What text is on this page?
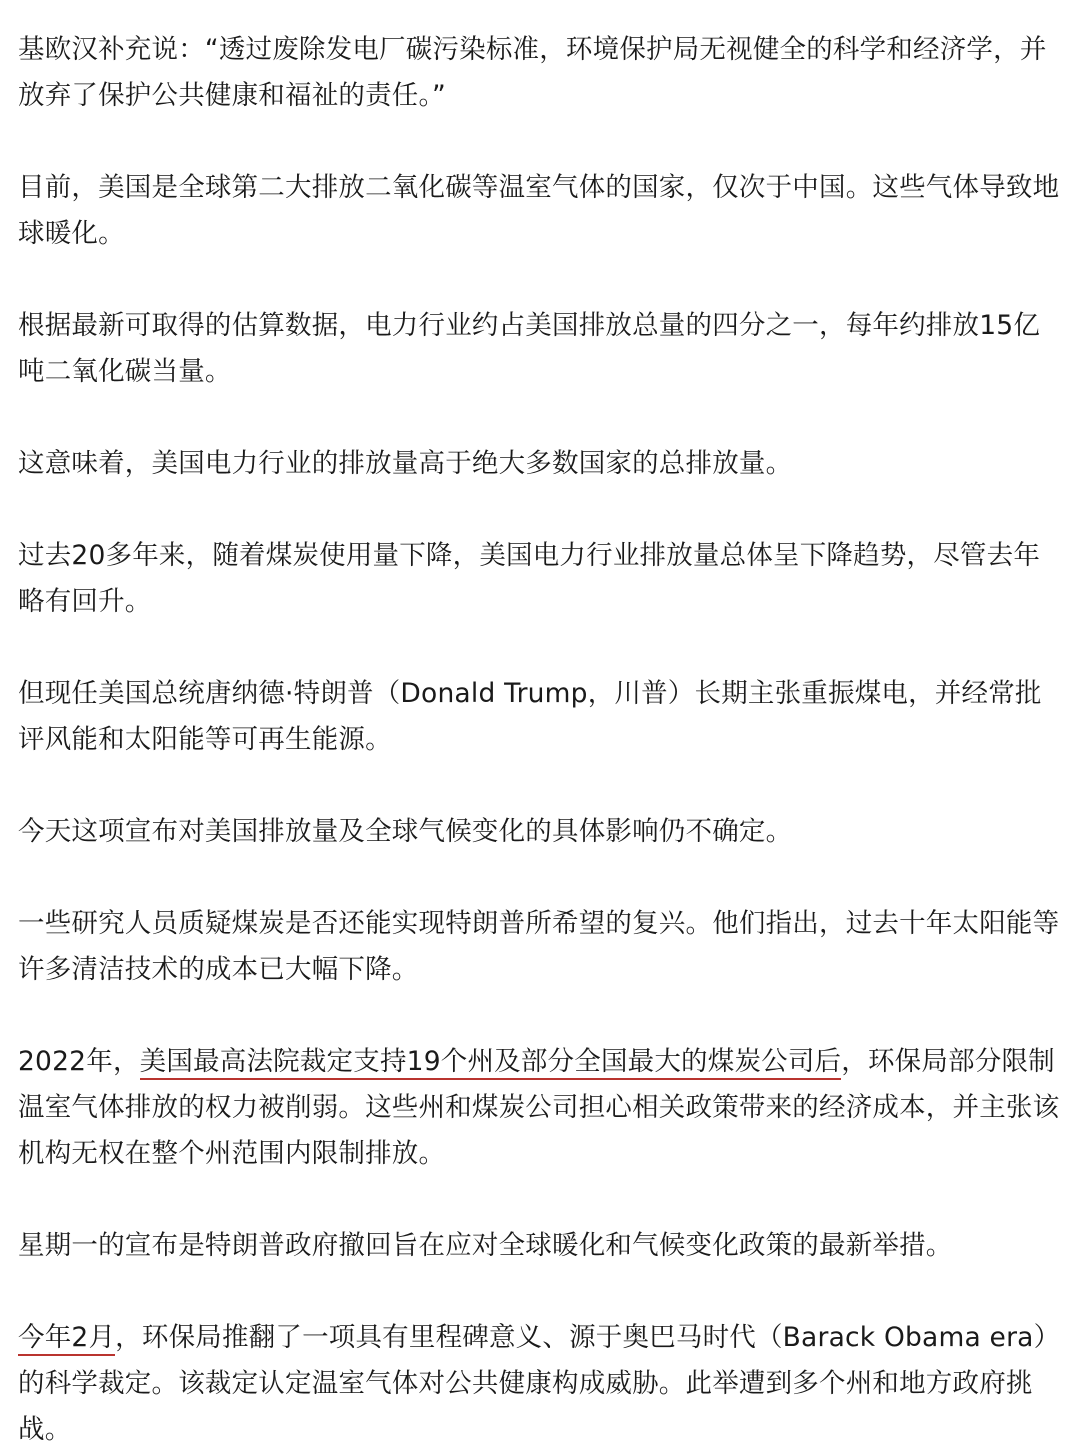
基欧汉补充说：“透过废除发电厂碳污染标准，环境保护局无视健全的科学和经济学，并放弃了保护公共健康和福祉的责任。”

目前，美国是全球第二大排放二氧化碳等温室气体的国家，仅次于中国。这些气体导致地球暖化。

根据最新可取得的估算数据，电力行业约占美国排放总量的四分之一，每年约排放15亿吨二氧化碳当量。

这意味着，美国电力行业的排放量高于绝大多数国家的总排放量。

过去20多年来，随着煤炭使用量下降，美国电力行业排放量总体呈下降趋势，尽管去年略有回升。

但现任美国总统唐纳德·特朗普（Donald Trump，川普）长期主张重振煤电，并经常批评风能和太阳能等可再生能源。

今天这项宣布对美国排放量及全球气候变化的具体影响仍不确定。

一些研究人员质疑煤炭是否还能实现特朗普所希望的复兴。他们指出，过去十年太阳能等许多清洁技术的成本已大幅下降。

2022年，美国最高法院裁定支持19个州及部分全国最大的煤炭公司后，环保局部分限制温室气体排放的权力被削弱。这些州和煤炭公司担心相关政策带来的经济成本，并主张该机构无权在整个州范围内限制排放。

星期一的宣布是特朗普政府撤回旨在应对全球暖化和气候变化政策的最新举措。

今年2月，环保局推翻了一项具有里程碑意义、源于奥巴马时代（Barack Obama era）的科学裁定。该裁定认定温室气体对公共健康构成威胁。此举遭到多个州和地方政府挑战。
